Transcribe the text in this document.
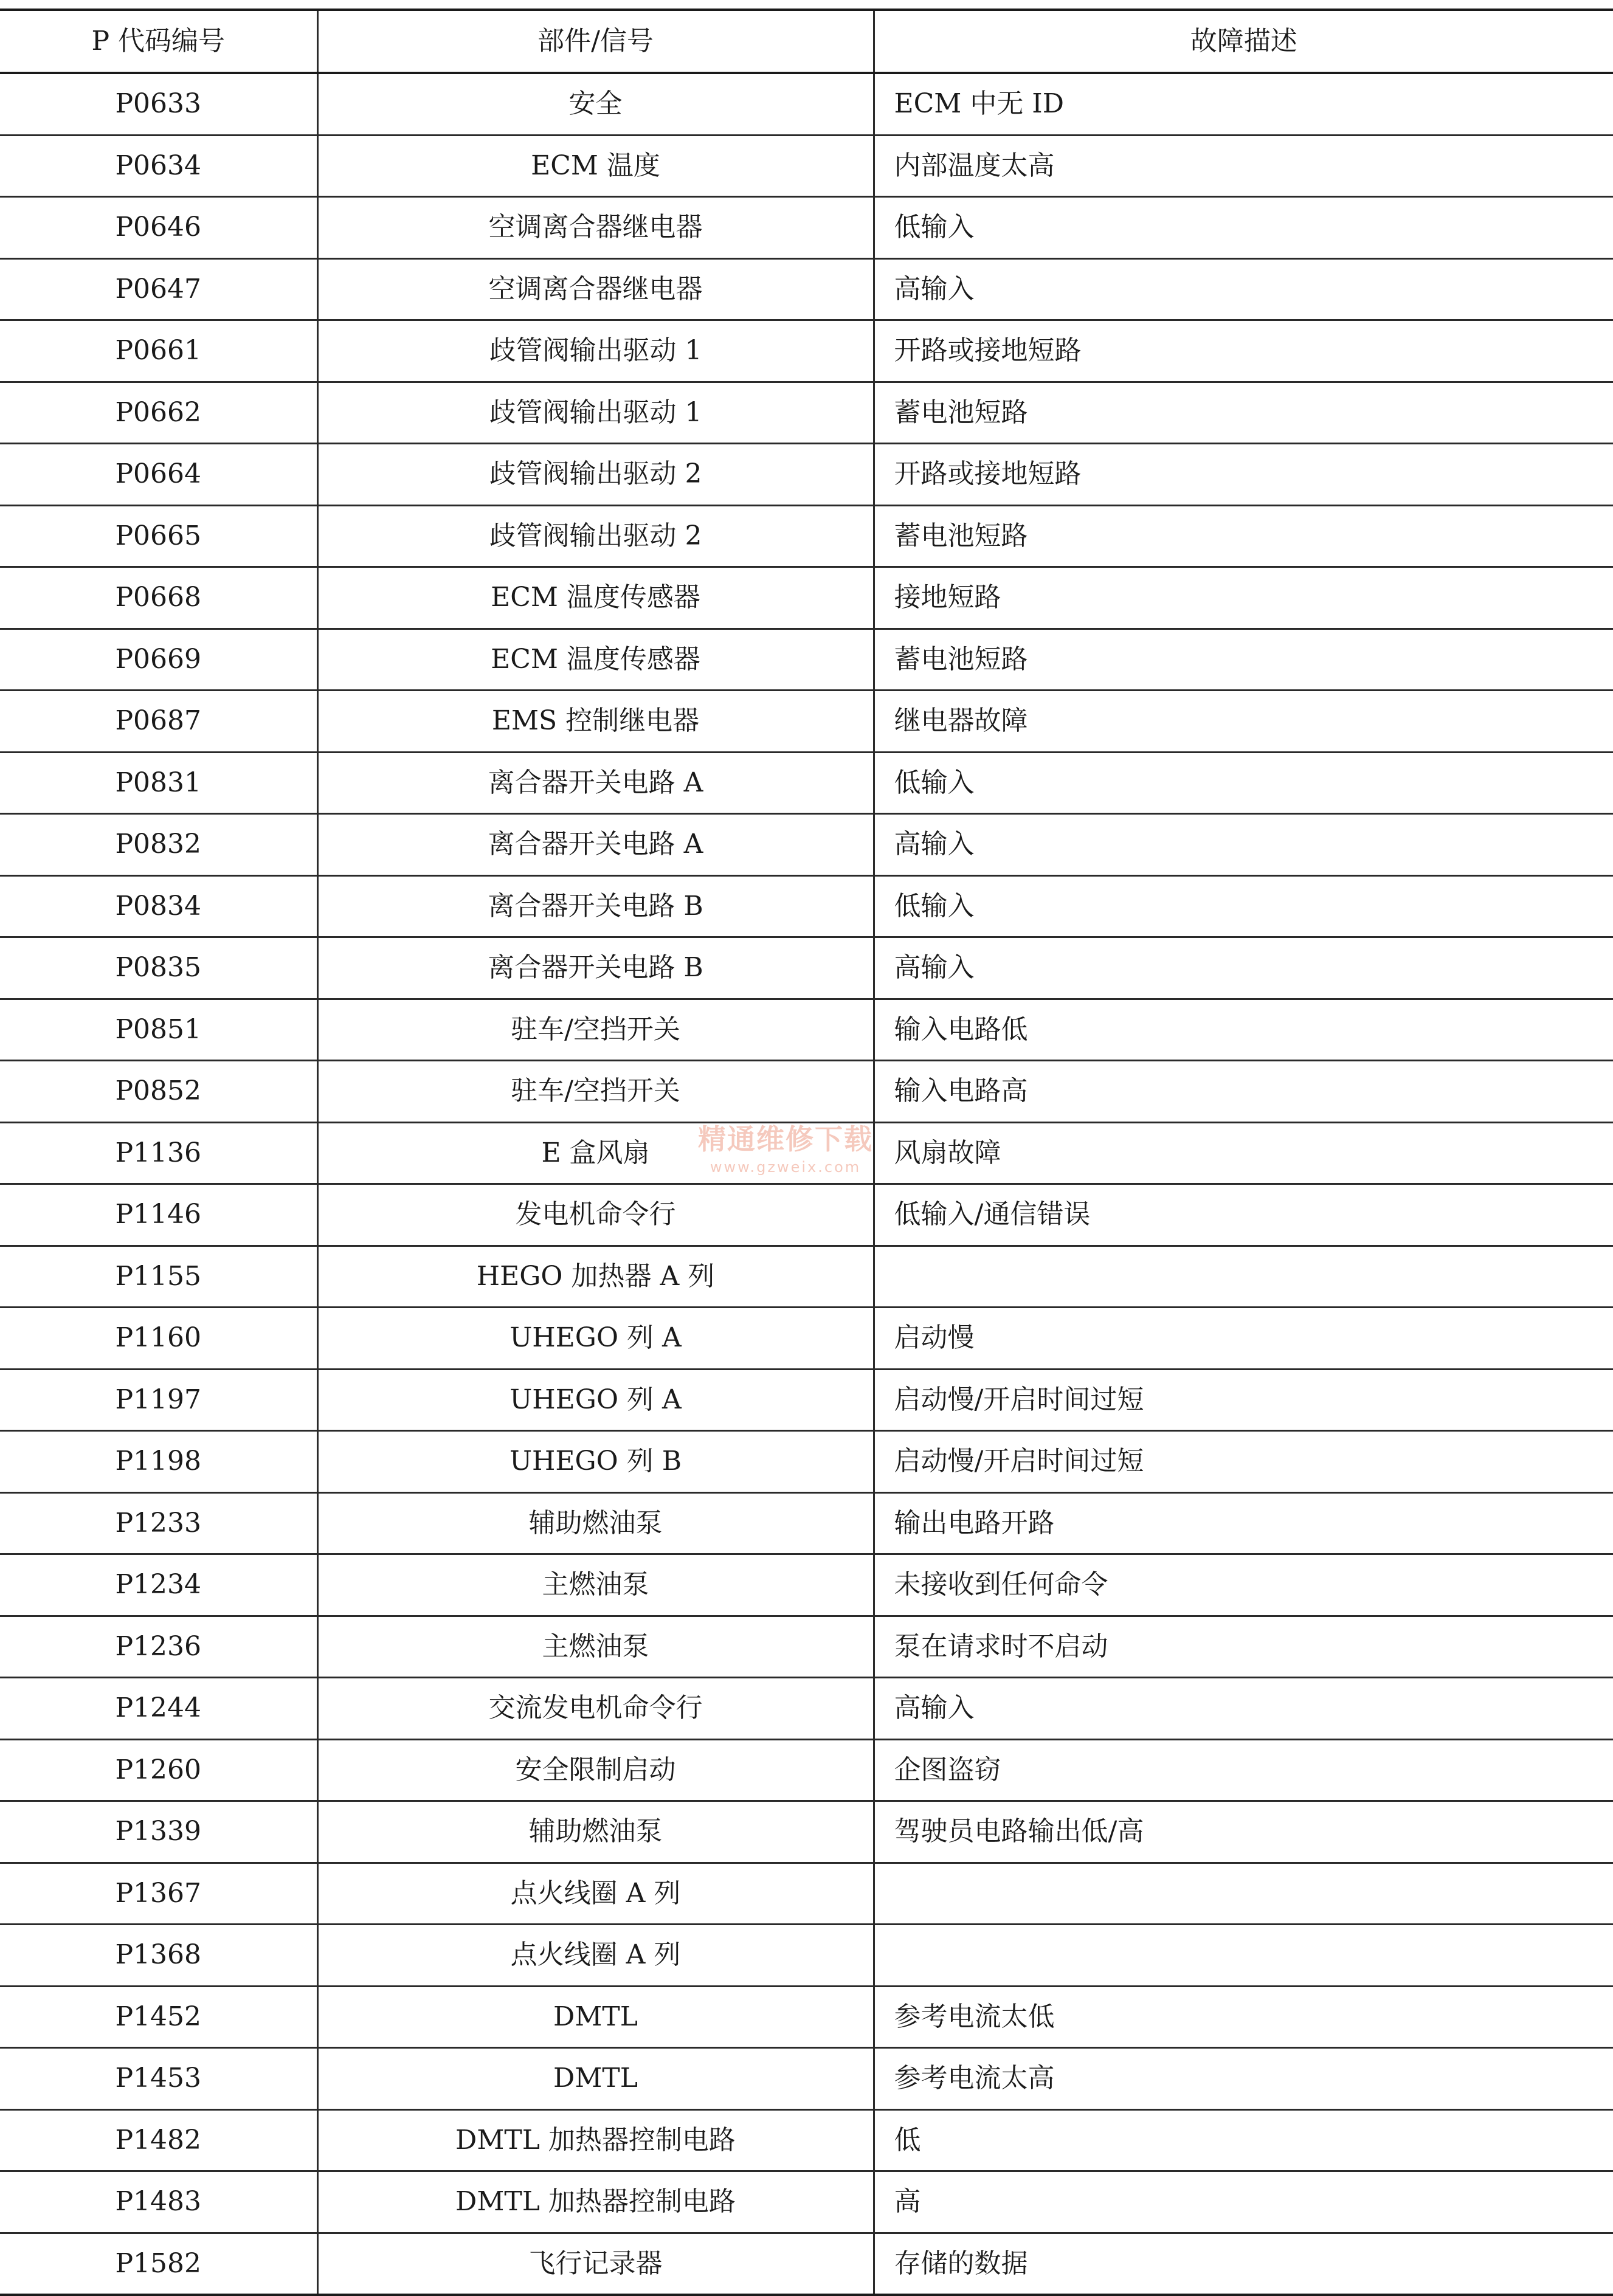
P 代码编号	部件/信号	故障描述
P0633	安全	ECM 中无 ID
P0634	ECM 温度	内部温度太高
P0646	空调离合器继电器	低输入
P0647	空调离合器继电器	高输入
P0661	歧管阀输出驱动 1	开路或接地短路
P0662	歧管阀输出驱动 1	蓄电池短路
P0664	歧管阀输出驱动 2	开路或接地短路
P0665	歧管阀输出驱动 2	蓄电池短路
P0668	ECM 温度传感器	接地短路
P0669	ECM 温度传感器	蓄电池短路
P0687	EMS 控制继电器	继电器故障
P0831	离合器开关电路 A	低输入
P0832	离合器开关电路 A	高输入
P0834	离合器开关电路 B	低输入
P0835	离合器开关电路 B	高输入
P0851	驻车/空挡开关	输入电路低
P0852	驻车/空挡开关	输入电路高
P1136	E 盒风扇	风扇故障
P1146	发电机命令行	低输入/通信错误
P1155	HEGO 加热器 A 列	
P1160	UHEGO 列 A	启动慢
P1197	UHEGO 列 A	启动慢/开启时间过短
P1198	UHEGO 列 B	启动慢/开启时间过短
P1233	辅助燃油泵	输出电路开路
P1234	主燃油泵	未接收到任何命令
P1236	主燃油泵	泵在请求时不启动
P1244	交流发电机命令行	高输入
P1260	安全限制启动	企图盗窃
P1339	辅助燃油泵	驾驶员电路输出低/高
P1367	点火线圈 A 列	
P1368	点火线圈 A 列	
P1452	DMTL	参考电流太低
P1453	DMTL	参考电流太高
P1482	DMTL 加热器控制电路	低
P1483	DMTL 加热器控制电路	高
P1582	飞行记录器	存储的数据
精通维修下载
www.gzweix.com
